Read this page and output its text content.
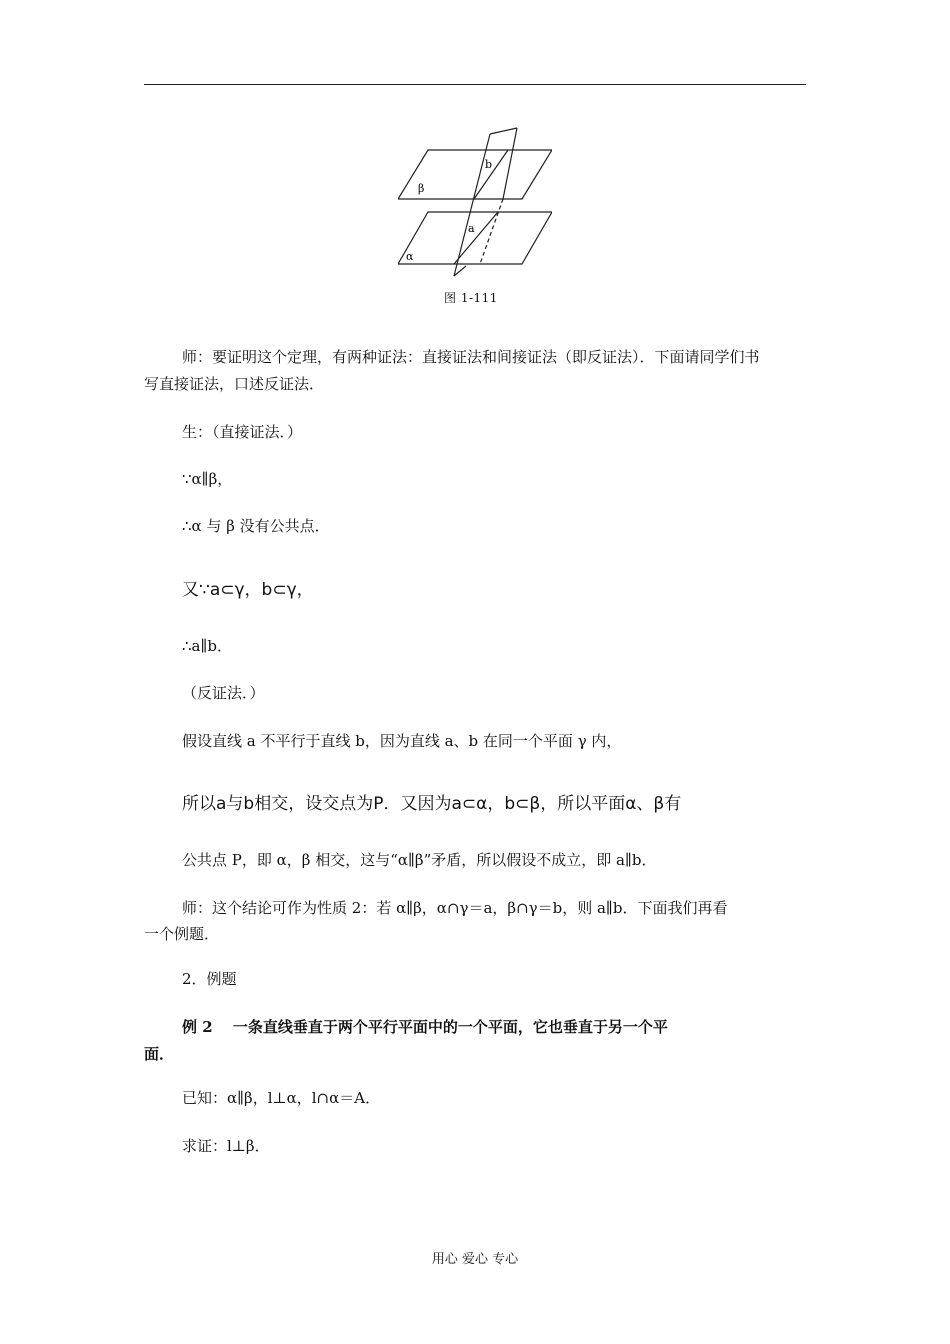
β
α
b
a
图 1-111
师：要证明这个定理，有两种证法：直接证法和间接证法（即反证法）．下面请同学们书
写直接证法，口述反证法．
生：（直接证法．）
∵α∥β，
∴α 与 β 没有公共点．
又∵a⊂γ，b⊂γ，
∴a∥b．
（反证法．）
假设直线 a 不平行于直线 b，因为直线 a、b 在同一个平面 γ 内，
所以a与b相交，设交点为P．又因为a⊂α，b⊂β，所以平面α、β有
公共点 P，即 α，β 相交，这与“α∥β”矛盾，所以假设不成立，即 a∥b．
师：这个结论可作为性质 2：若 α∥β，α∩γ＝a，β∩γ＝b，则 a∥b．下面我们再看
一个例题．
2．例题
例 2　 一条直线垂直于两个平行平面中的一个平面，它也垂直于另一个平
面．
已知：α∥β，l⊥α，l∩α＝A．
求证：l⊥β．
用心 爱心 专心
